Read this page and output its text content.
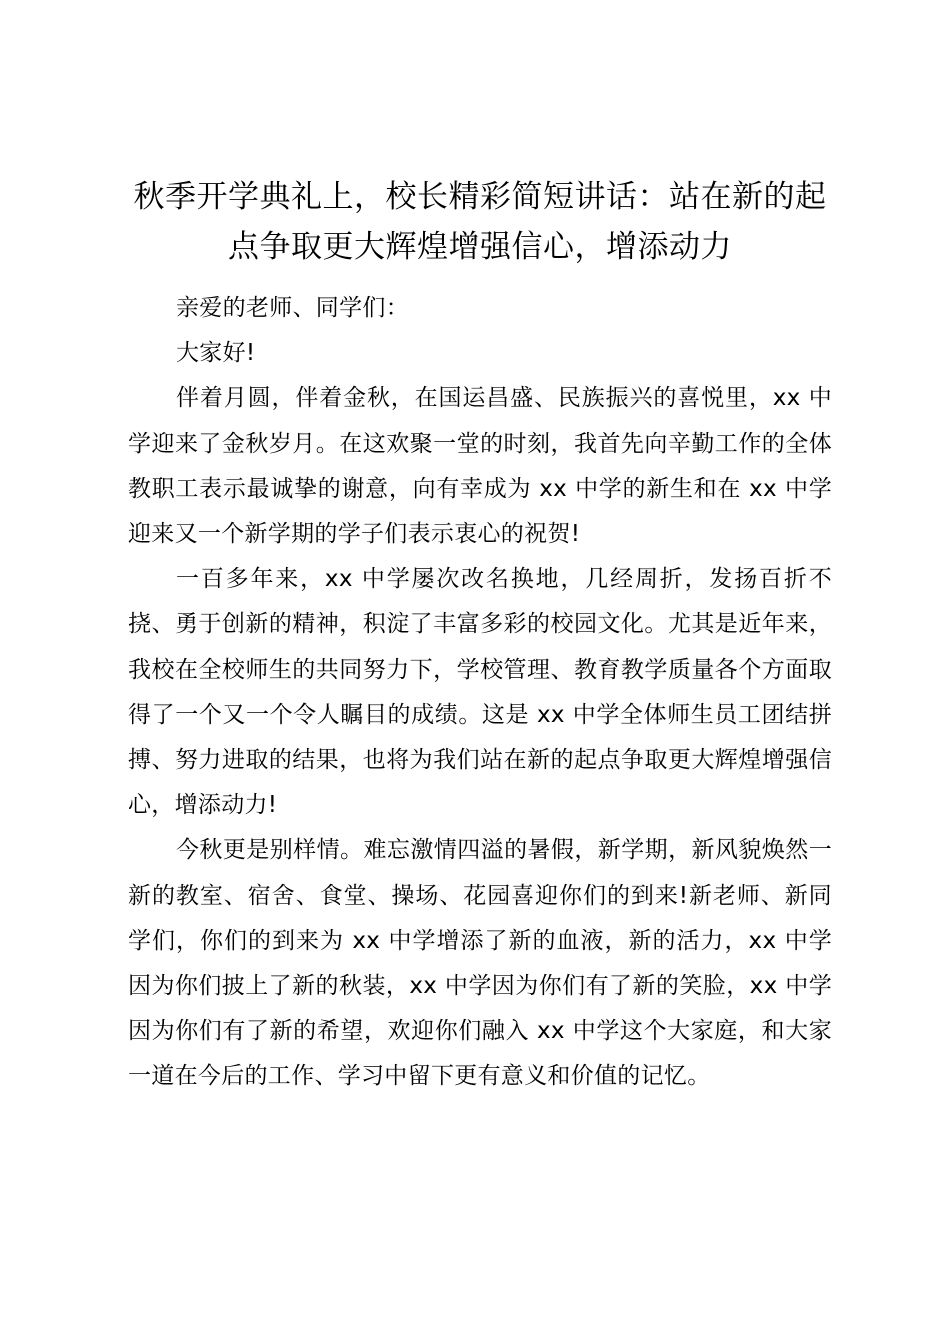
秋季开学典礼上，校长精彩简短讲话：站在新的起点争取更大辉煌增强信心，增添动力

亲爱的老师、同学们：

大家好!

伴着月圆，伴着金秋，在国运昌盛、民族振兴的喜悦里，xx 中学迎来了金秋岁月。在这欢聚一堂的时刻，我首先向辛勤工作的全体教职工表示最诚挚的谢意，向有幸成为 xx 中学的新生和在 xx 中学迎来又一个新学期的学子们表示衷心的祝贺!

一百多年来，xx 中学屡次改名换地，几经周折，发扬百折不挠、勇于创新的精神，积淀了丰富多彩的校园文化。尤其是近年来，我校在全校师生的共同努力下，学校管理、教育教学质量各个方面取得了一个又一个令人瞩目的成绩。这是 xx 中学全体师生员工团结拼搏、努力进取的结果，也将为我们站在新的起点争取更大辉煌增强信心，增添动力!

今秋更是别样情。难忘激情四溢的暑假，新学期，新风貌焕然一新的教室、宿舍、食堂、操场、花园喜迎你们的到来!新老师、新同学们，你们的到来为 xx 中学增添了新的血液，新的活力，xx 中学因为你们披上了新的秋装，xx 中学因为你们有了新的笑脸，xx 中学因为你们有了新的希望，欢迎你们融入 xx 中学这个大家庭，和大家一道在今后的工作、学习中留下更有意义和价值的记忆。
